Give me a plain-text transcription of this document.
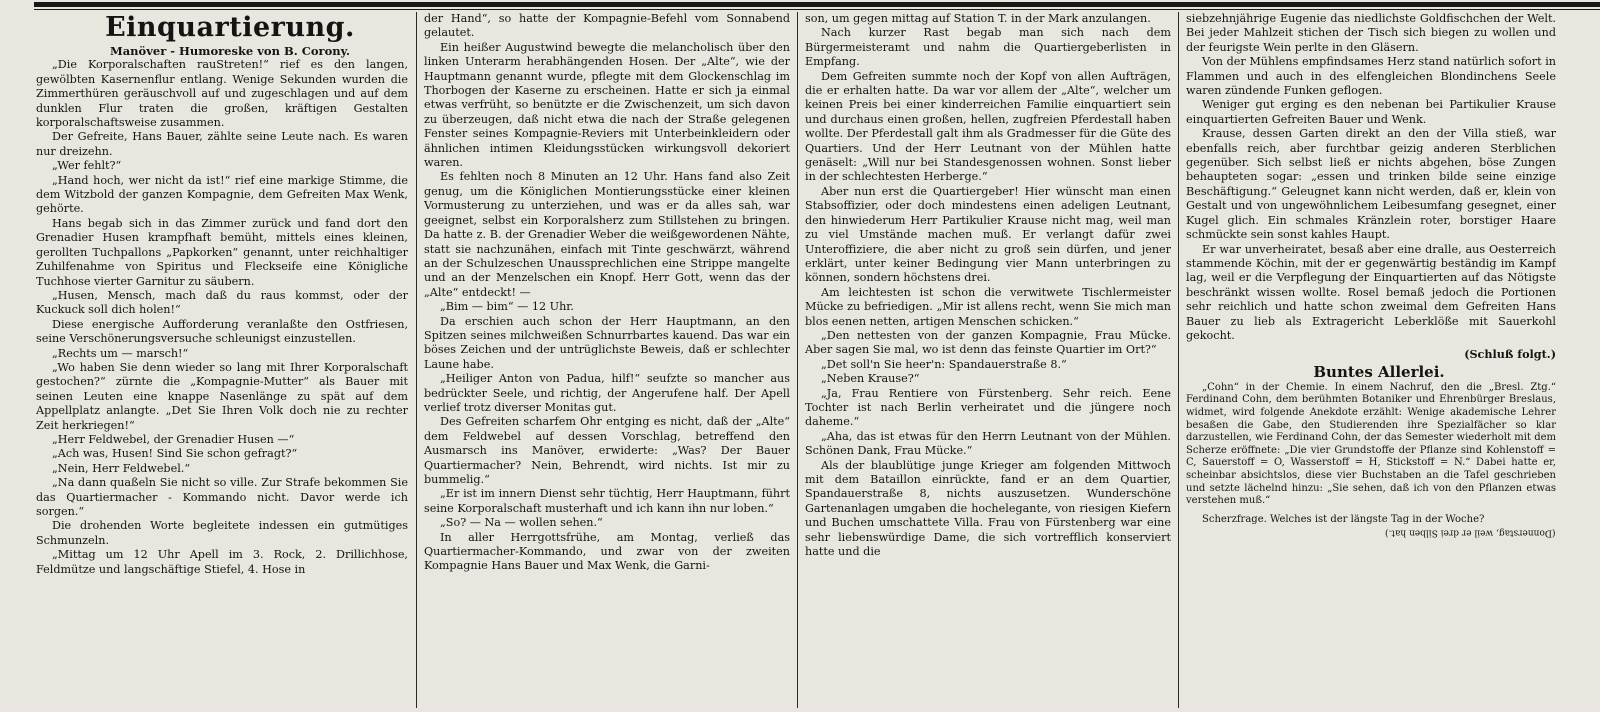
Einquartierung.

Manöver - Humoreske von B. Corony.

„Die Korporalschaften rauStreten!“ rief es den langen, gewölbten Kasernenflur entlang. Wenige Sekunden wurden die Zimmerthüren geräuschvoll auf und zugeschlagen und auf dem dunklen Flur traten die großen, kräftigen Gestalten korporalschaftsweise zusammen.

Der Gefreite, Hans Bauer, zählte seine Leute nach. Es waren nur dreizehn.

„Wer fehlt?“

„Hand hoch, wer nicht da ist!“ rief eine markige Stimme, die dem Witzbold der ganzen Kompagnie, dem Gefreiten Max Wenk, gehörte.

Hans begab sich in das Zimmer zurück und fand dort den Grenadier Husen krampfhaft bemüht, mittels eines kleinen, gerollten Tuchpallons „Papkorken“ genannt, unter reichhaltiger Zuhilfenahme von Spiritus und Fleckseife eine Königliche Tuchhose vierter Garnitur zu säubern.

„Husen, Mensch, mach daß du raus kommst, oder der Kuckuck soll dich holen!“

Diese energische Aufforderung veranlaßte den Ostfriesen, seine Verschönerungsversuche schleunigst einzustellen.

„Rechts um — marsch!“

„Wo haben Sie denn wieder so lang mit Ihrer Korporalschaft gestochen?“ zürnte die „Kompagnie-Mutter“ als Bauer mit seinen Leuten eine knappe Nasenlänge zu spät auf dem Appellplatz anlangte. „Det Sie Ihren Volk doch nie zu rechter Zeit herkriegen!“

„Herr Feldwebel, der Grenadier Husen —“

„Ach was, Husen! Sind Sie schon gefragt?“

„Nein, Herr Feldwebel.“

„Na dann quaßeln Sie nicht so ville. Zur Strafe bekommen Sie das Quartiermacher - Kommando nicht. Davor werde ich sorgen.“

Die drohenden Worte begleitete indessen ein gutmütiges Schmunzeln.

„Mittag um 12 Uhr Apell im 3. Rock, 2. Drillichhose, Feldmütze und langschäftige Stiefel, 4. Hose in

der Hand“, so hatte der Kompagnie-Befehl vom Sonnabend gelautet.

Ein heißer Augustwind bewegte die melancholisch über den linken Unterarm herabhängenden Hosen. Der „Alte“, wie der Hauptmann genannt wurde, pflegte mit dem Glockenschlag im Thorbogen der Kaserne zu erscheinen. Hatte er sich ja einmal etwas verfrüht, so benützte er die Zwischenzeit, um sich davon zu überzeugen, daß nicht etwa die nach der Straße gelegenen Fenster seines Kompagnie-Reviers mit Unterbeinkleidern oder ähnlichen intimen Kleidungsstücken wirkungsvoll dekoriert waren.

Es fehlten noch 8 Minuten an 12 Uhr. Hans fand also Zeit genug, um die Königlichen Montierungsstücke einer kleinen Vormusterung zu unterziehen, und was er da alles sah, war geeignet, selbst ein Korporalsherz zum Stillstehen zu bringen. Da hatte z. B. der Grenadier Weber die weißgewordenen Nähte, statt sie nachzunähen, einfach mit Tinte geschwärzt, während an der Schulzeschen Unaussprechlichen eine Strippe mangelte und an der Menzelschen ein Knopf. Herr Gott, wenn das der „Alte“ entdeckt! —

„Bim — bim“ — 12 Uhr.

Da erschien auch schon der Herr Hauptmann, an den Spitzen seines milchweißen Schnurrbartes kauend. Das war ein böses Zeichen und der untrüglichste Beweis, daß er schlechter Laune habe.

„Heiliger Anton von Padua, hilf!“ seufzte so mancher aus bedrückter Seele, und richtig, der Angerufene half. Der Apell verlief trotz diverser Monitas gut.

Des Gefreiten scharfem Ohr entging es nicht, daß der „Alte“ dem Feldwebel auf dessen Vorschlag, betreffend den Ausmarsch ins Manöver, erwiderte: „Was? Der Bauer Quartiermacher? Nein, Behrendt, wird nichts. Ist mir zu bummelig.“

„Er ist im innern Dienst sehr tüchtig, Herr Hauptmann, führt seine Korporalschaft musterhaft und ich kann ihn nur loben.“

„So? — Na — wollen sehen.“

In aller Herrgottsfrühe, am Montag, verließ das Quartiermacher-Kommando, und zwar von der zweiten Kompagnie Hans Bauer und Max Wenk, die Garni-

son, um gegen mittag auf Station T. in der Mark anzulangen.

Nach kurzer Rast begab man sich nach dem Bürgermeisteramt und nahm die Quartiergeberlisten in Empfang.

Dem Gefreiten summte noch der Kopf von allen Aufträgen, die er erhalten hatte. Da war vor allem der „Alte“, welcher um keinen Preis bei einer kinderreichen Familie einquartiert sein und durchaus einen großen, hellen, zugfreien Pferdestall haben wollte. Der Pferdestall galt ihm als Gradmesser für die Güte des Quartiers. Und der Herr Leutnant von der Mühlen hatte genäselt: „Will nur bei Standesgenossen wohnen. Sonst lieber in der schlechtesten Herberge.“

Aber nun erst die Quartiergeber! Hier wünscht man einen Stabsoffizier, oder doch mindestens einen adeligen Leutnant, den hinwiederum Herr Partikulier Krause nicht mag, weil man zu viel Umstände machen muß. Er verlangt dafür zwei Unteroffiziere, die aber nicht zu groß sein dürfen, und jener erklärt, unter keiner Bedingung vier Mann unterbringen zu können, sondern höchstens drei.

Am leichtesten ist schon die verwitwete Tischlermeister Mücke zu befriedigen. „Mir ist allens recht, wenn Sie mich man blos eenen netten, artigen Menschen schicken.“

„Den nettesten von der ganzen Kompagnie, Frau Mücke. Aber sagen Sie mal, wo ist denn das feinste Quartier im Ort?“

„Det soll'n Sie heer'n: Spandauerstraße 8.“

„Neben Krause?“

„Ja, Frau Rentiere von Fürstenberg. Sehr reich. Eene Tochter ist nach Berlin verheiratet und die jüngere noch daheme.“

„Aha, das ist etwas für den Herrn Leutnant von der Mühlen. Schönen Dank, Frau Mücke.“

Als der blaublütige junge Krieger am folgenden Mittwoch mit dem Bataillon einrückte, fand er an dem Quartier, Spandauerstraße 8, nichts auszusetzen. Wunderschöne Gartenanlagen umgaben die hochelegante, von riesigen Kiefern und Buchen umschattete Villa. Frau von Fürstenberg war eine sehr liebenswürdige Dame, die sich vortrefflich konserviert hatte und die

siebzehnjährige Eugenie das niedlichste Goldfischchen der Welt. Bei jeder Mahlzeit stichen der Tisch sich biegen zu wollen und der feurigste Wein perlte in den Gläsern.

Von der Mühlens empfindsames Herz stand natürlich sofort in Flammen und auch in des elfengleichen Blondinchens Seele waren zündende Funken geflogen.

Weniger gut erging es den nebenan bei Partikulier Krause einquartierten Gefreiten Bauer und Wenk.

Krause, dessen Garten direkt an den der Villa stieß, war ebenfalls reich, aber furchtbar geizig anderen Sterblichen gegenüber. Sich selbst ließ er nichts abgehen, böse Zungen behaupteten sogar: „essen und trinken bilde seine einzige Beschäftigung.“ Geleugnet kann nicht werden, daß er, klein von Gestalt und von ungewöhnlichem Leibesumfang gesegnet, einer Kugel glich. Ein schmales Kränzlein roter, borstiger Haare schmückte sein sonst kahles Haupt.

Er war unverheiratet, besaß aber eine dralle, aus Oesterreich stammende Köchin, mit der er gegenwärtig beständig im Kampf lag, weil er die Verpflegung der Einquartierten auf das Nötigste beschränkt wissen wollte. Rosel bemaß jedoch die Portionen sehr reichlich und hatte schon zweimal dem Gefreiten Hans Bauer zu lieb als Extragericht Leberklöße mit Sauerkohl gekocht.

(Schluß folgt.)

Buntes Allerlei.

„Cohn“ in der Chemie. In einem Nachruf, den die „Bresl. Ztg.“ Ferdinand Cohn, dem berühmten Botaniker und Ehrenbürger Breslaus, widmet, wird folgende Anekdote erzählt: Wenige akademische Lehrer besaßen die Gabe, den Studierenden ihre Spezialfächer so klar darzustellen, wie Ferdinand Cohn, der das Semester wiederholt mit dem Scherze eröffnete: „Die vier Grundstoffe der Pflanze sind Kohlenstoff = C, Sauerstoff = O, Wasserstoff = H, Stickstoff = N.“ Dabei hatte er, scheinbar absichtslos, diese vier Buchstaben an die Tafel geschrieben und setzte lächelnd hinzu: „Sie sehen, daß ich von den Pflanzen etwas verstehen muß.“

Scherzfrage. Welches ist der längste Tag in der Woche?

(Donnerstag, weil er drei Silben hat.)
